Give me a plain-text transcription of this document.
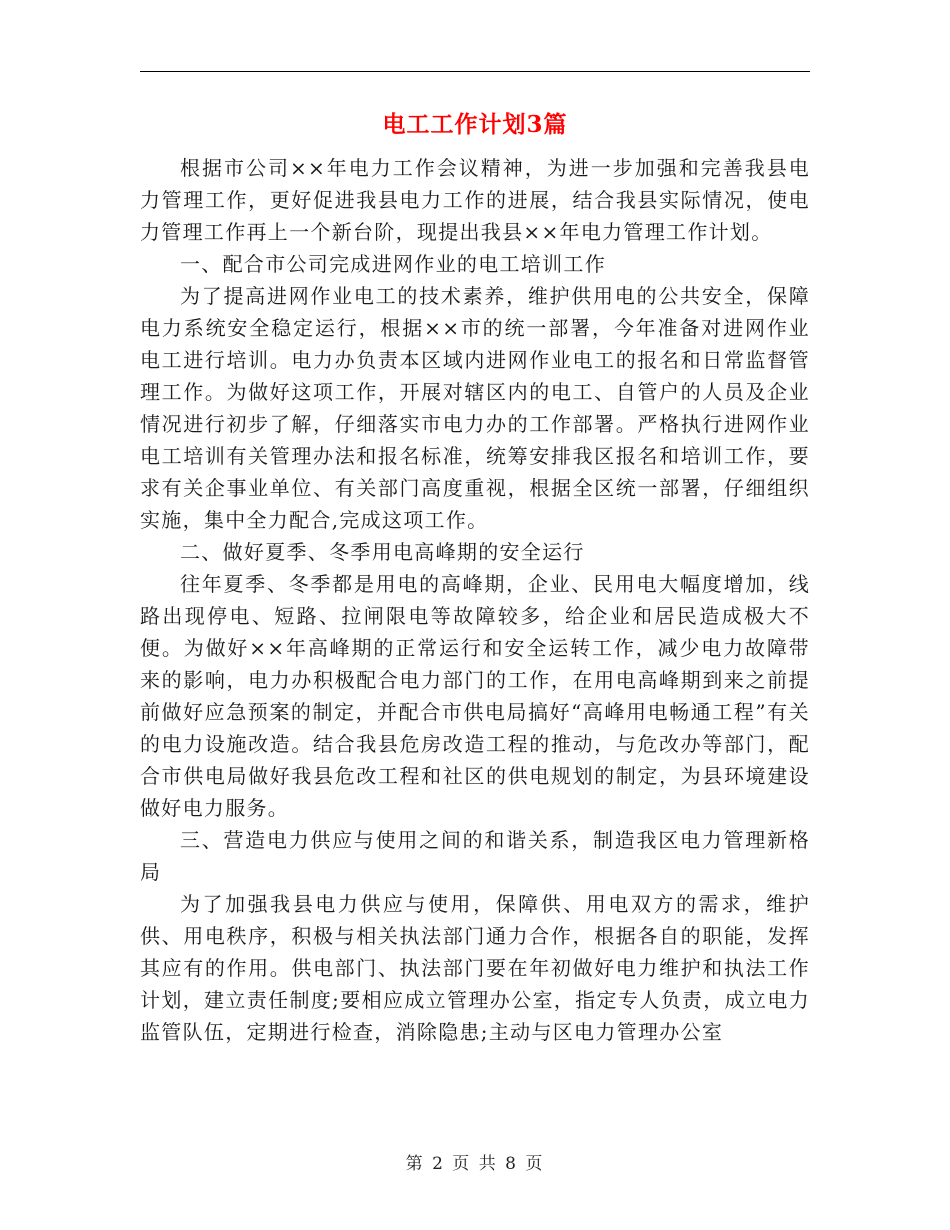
电工工作计划3篇

根据市公司××年电力工作会议精神，为进一步加强和完善我县电力管理工作，更好促进我县电力工作的进展，结合我县实际情况，使电力管理工作再上一个新台阶，现提出我县××年电力管理工作计划。

一、配合市公司完成进网作业的电工培训工作

为了提高进网作业电工的技术素养，维护供用电的公共安全，保障电力系统安全稳定运行，根据××市的统一部署，今年准备对进网作业电工进行培训。电力办负责本区域内进网作业电工的报名和日常监督管理工作。为做好这项工作，开展对辖区内的电工、自管户的人员及企业情况进行初步了解，仔细落实市电力办的工作部署。严格执行进网作业电工培训有关管理办法和报名标准，统筹安排我区报名和培训工作，要求有关企事业单位、有关部门高度重视，根据全区统一部署，仔细组织实施，集中全力配合,完成这项工作。

二、做好夏季、冬季用电高峰期的安全运行

往年夏季、冬季都是用电的高峰期，企业、民用电大幅度增加，线路出现停电、短路、拉闸限电等故障较多，给企业和居民造成极大不便。为做好××年高峰期的正常运行和安全运转工作，减少电力故障带来的影响，电力办积极配合电力部门的工作，在用电高峰期到来之前提前做好应急预案的制定，并配合市供电局搞好“高峰用电畅通工程”有关的电力设施改造。结合我县危房改造工程的推动，与危改办等部门，配合市供电局做好我县危改工程和社区的供电规划的制定，为县环境建设做好电力服务。

三、营造电力供应与使用之间的和谐关系，制造我区电力管理新格局

为了加强我县电力供应与使用，保障供、用电双方的需求，维护供、用电秩序，积极与相关执法部门通力合作，根据各自的职能，发挥其应有的作用。供电部门、执法部门要在年初做好电力维护和执法工作计划，建立责任制度;要相应成立管理办公室，指定专人负责，成立电力监管队伍，定期进行检查，消除隐患;主动与区电力管理办公室

第 2 页 共 8 页
